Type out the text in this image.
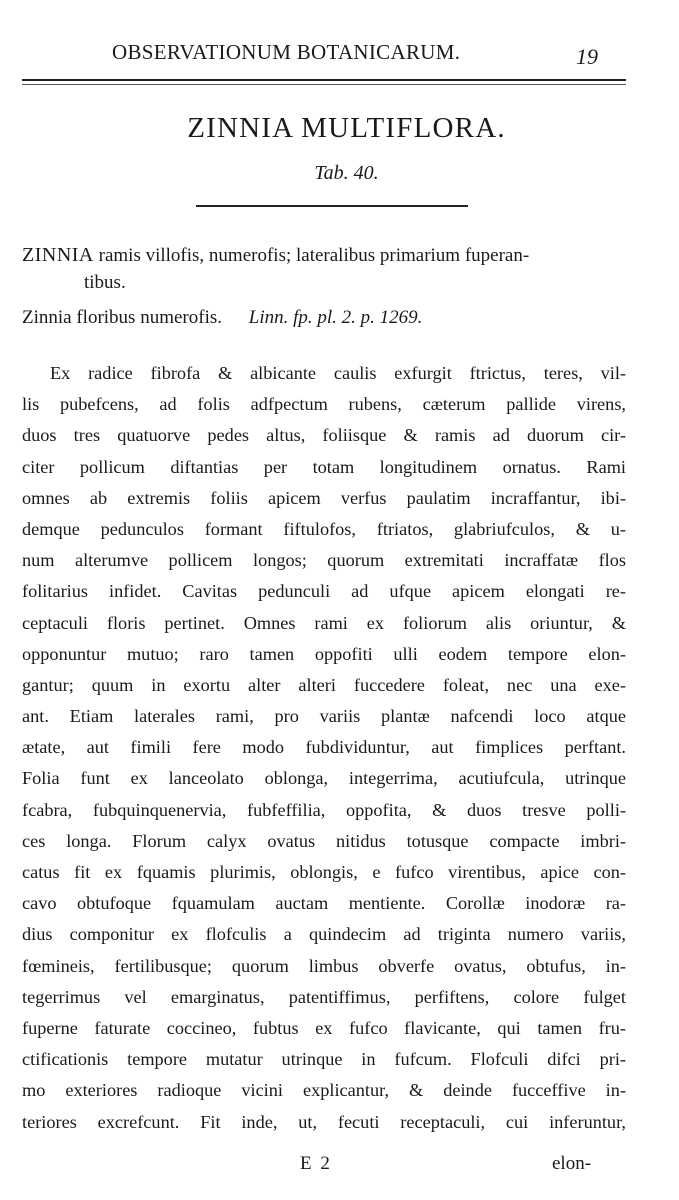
OBSERVATIONUM BOTANICARUM.	19
ZINNIA MULTIFLORA.
Tab. 40.
ZINNIA ramis villofis, numerofis; lateralibus primarium fuperan-
tibus.
Zinnia floribus numerofis. Linn. fp. pl. 2. p. 1269.
Ex radice fibrofa & albicante caulis exfurgit ftrictus, teres, vil-
lis pubefcens, ad folis adfpectum rubens, cæterum pallide virens,
duos tres quatuorve pedes altus, foliisque & ramis ad duorum cir-
citer pollicum diftantias per totam longitudinem ornatus. Rami
omnes ab extremis foliis apicem verfus paulatim incraffantur, ibi-
demque pedunculos formant fiftulofos, ftriatos, glabriufculos, & u-
num alterumve pollicem longos; quorum extremitati incraffatæ flos
folitarius infidet. Cavitas pedunculi ad ufque apicem elongati re-
ceptaculi floris pertinet. Omnes rami ex foliorum alis oriuntur, &
opponuntur mutuo; raro tamen oppofiti ulli eodem tempore elon-
gantur; quum in exortu alter alteri fuccedere foleat, nec una exe-
ant. Etiam laterales rami, pro variis plantæ nafcendi loco atque
ætate, aut fimili fere modo fubdividuntur, aut fimplices perftant.
Folia funt ex lanceolato oblonga, integerrima, acutiufcula, utrinque
fcabra, fubquinquenervia, fubfeffilia, oppofita, & duos tresve polli-
ces longa. Florum calyx ovatus nitidus totusque compacte imbri-
catus fit ex fquamis plurimis, oblongis, e fufco virentibus, apice con-
cavo obtufoque fquamulam auctam mentiente. Corollæ inodoræ ra-
dius componitur ex flofculis a quindecim ad triginta numero variis,
fœmineis, fertilibusque; quorum limbus obverfe ovatus, obtufus, in-
tegerrimus vel emarginatus, patentiffimus, perfiftens, colore fulget
fuperne faturate coccineo, fubtus ex fufco flavicante, qui tamen fru-
ctificationis tempore mutatur utrinque in fufcum. Flofculi difci pri-
mo exteriores radioque vicini explicantur, & deinde fucceffive in-
teriores excrefcunt. Fit inde, ut, fecuti receptaculi, cui inferuntur,
E 2	elon-
